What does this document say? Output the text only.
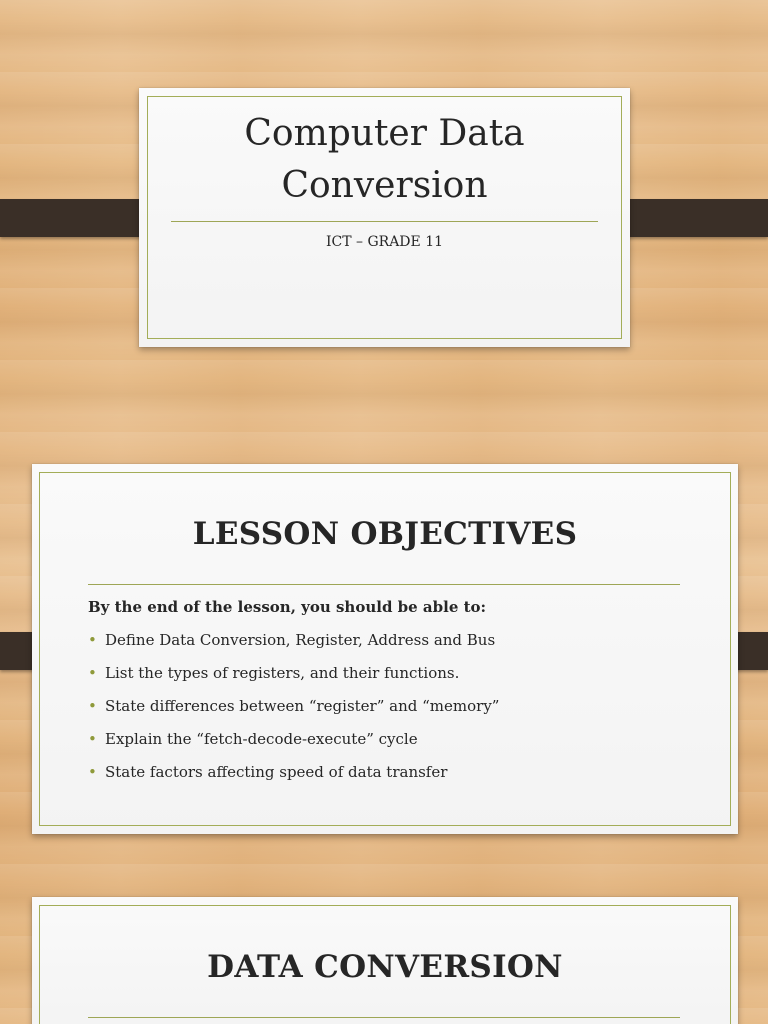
Computer Data Conversion
ICT – GRADE 11
LESSON OBJECTIVES
By the end of the lesson, you should be able to:
• Define Data Conversion, Register, Address and Bus
• List the types of registers, and their functions.
• State differences between “register” and “memory”
• Explain the “fetch-decode-execute” cycle
• State factors affecting speed of data transfer
DATA CONVERSION
